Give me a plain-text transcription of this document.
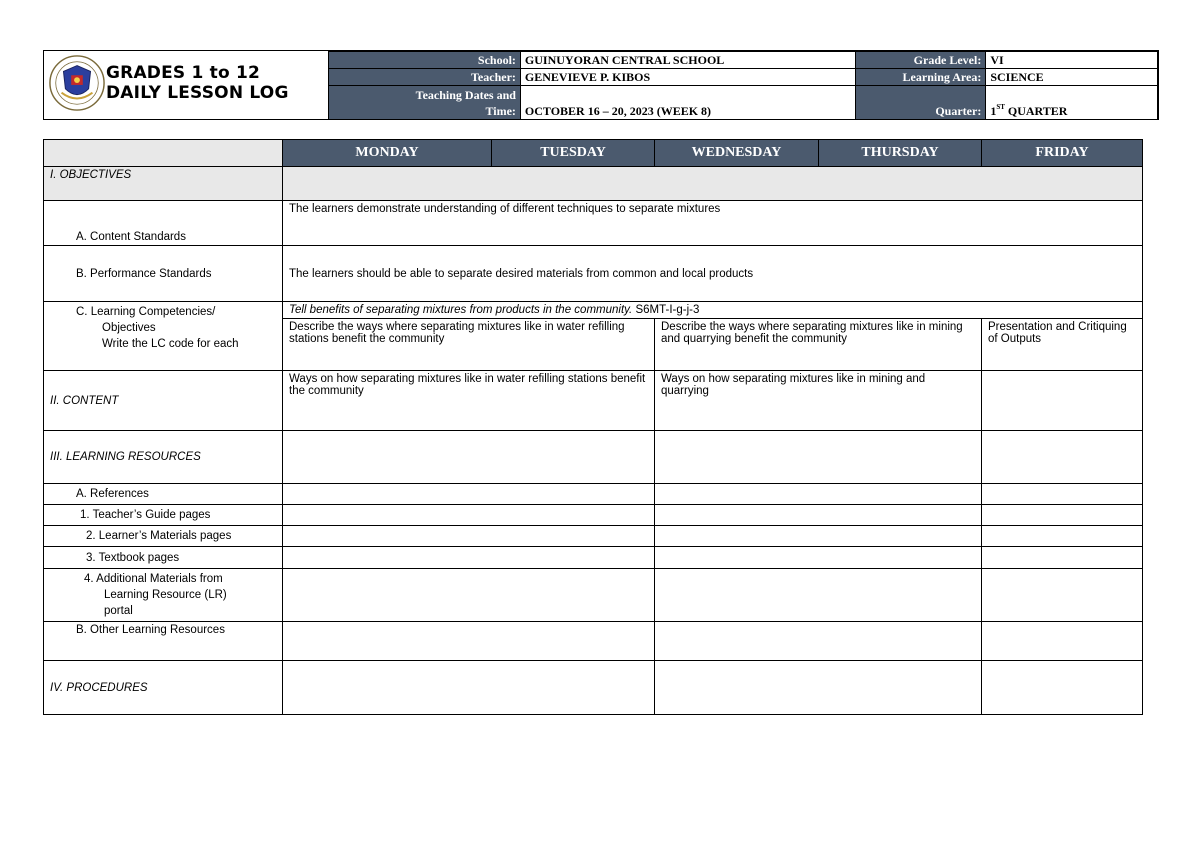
GRADES 1 to 12
DAILY LESSON LOG
School:	GUINUYORAN CENTRAL SCHOOL	Grade Level:	VI
Teacher:	GENEVIEVE P. KIBOS	Learning Area:	SCIENCE

Teaching Dates and
Time:	OCTOBER 16 – 20, 2023 (WEEK 8)	Quarter:	1ST QUARTER
	MONDAY	TUESDAY	WEDNESDAY	THURSDAY	FRIDAY
I. OBJECTIVES					
A. Content Standards	The learners demonstrate understanding of different techniques to separate mixtures				
B. Performance Standards	The learners should be able to separate desired materials from common and local products				

C. Learning Competencies/
Objectives
Write the LC code for each	Tell benefits of separating mixtures from products in the community. S6MT-I-g-j-3				
	Describe the ways where separating mixtures like in water refilling stations benefit the community		Describe the ways where separating mixtures like in mining and quarrying benefit the community		Presentation and Critiquing of Outputs
II. CONTENT	Ways on how separating mixtures like in water refilling stations benefit the community		Ways on how separating mixtures like in mining and quarrying		
III. LEARNING RESOURCES					
A. References					
1. Teacher’s Guide pages					
2. Learner’s Materials pages					
3. Textbook pages					

4. Additional Materials from
Learning Resource (LR)
portal					

B. Other Learning Resources					
IV. PROCEDURES					
